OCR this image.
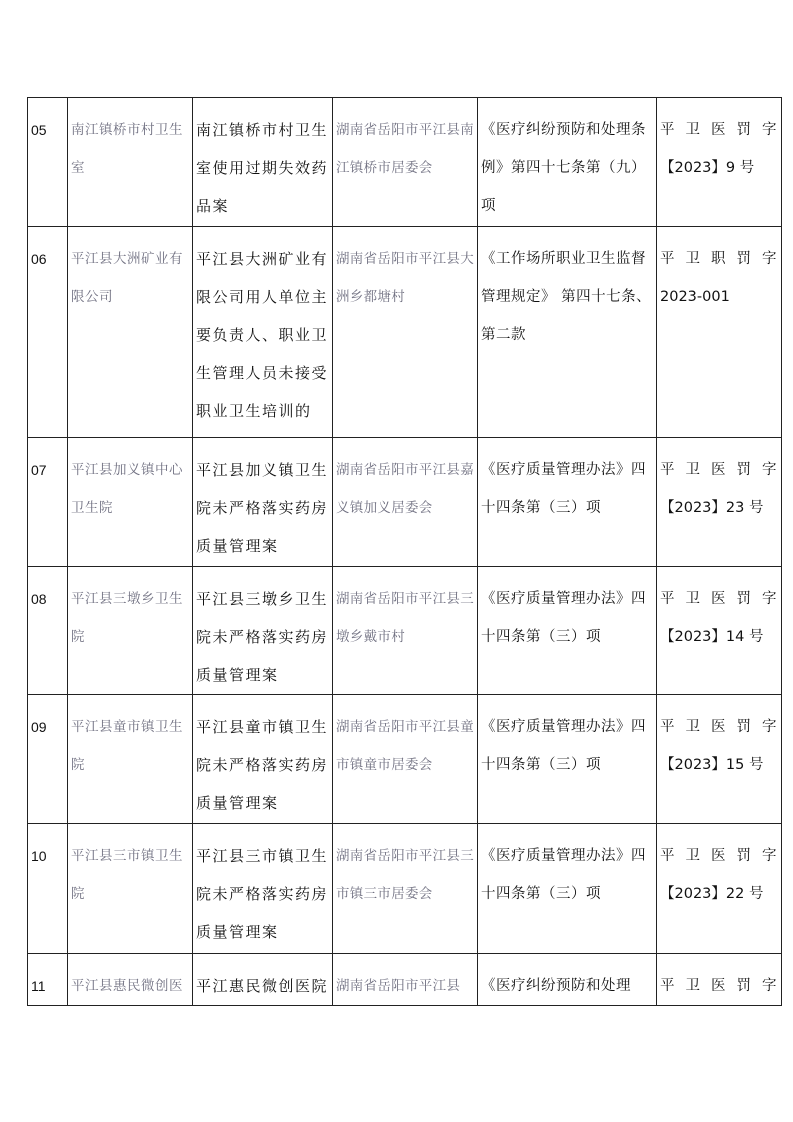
05	南江镇桥市村卫生室	南江镇桥市村卫生室使用过期失效药品案	湖南省岳阳市平江县南江镇桥市居委会	《医疗纠纷预防和处理条例》第四十七条第（九）项	平卫医罚字
【2023】9 号

06	平江县大洲矿业有限公司	平江县大洲矿业有限公司用人单位主要负责人、职业卫生管理人员未接受职业卫生培训的	湖南省岳阳市平江县大洲乡都塘村	《工作场所职业卫生监督管理规定》 第四十七条、第二款	平卫职罚字
2023-001

07	平江县加义镇中心卫生院	平江县加义镇卫生院未严格落实药房质量管理案	湖南省岳阳市平江县嘉义镇加义居委会	《医疗质量管理办法》四十四条第（三）项	平卫医罚字
【2023】23 号

08	平江县三墩乡卫生院	平江县三墩乡卫生院未严格落实药房质量管理案	湖南省岳阳市平江县三墩乡戴市村	《医疗质量管理办法》四十四条第（三）项	平卫医罚字
【2023】14 号

09	平江县童市镇卫生院	平江县童市镇卫生院未严格落实药房质量管理案	湖南省岳阳市平江县童市镇童市居委会	《医疗质量管理办法》四十四条第（三）项	平卫医罚字
【2023】15 号

10	平江县三市镇卫生院	平江县三市镇卫生院未严格落实药房质量管理案	湖南省岳阳市平江县三市镇三市居委会	《医疗质量管理办法》四十四条第（三）项	平卫医罚字
【2023】22 号

11	平江县惠民微创医	平江惠民微创医院	湖南省岳阳市平江县	《医疗纠纷预防和处理	平卫医罚字
